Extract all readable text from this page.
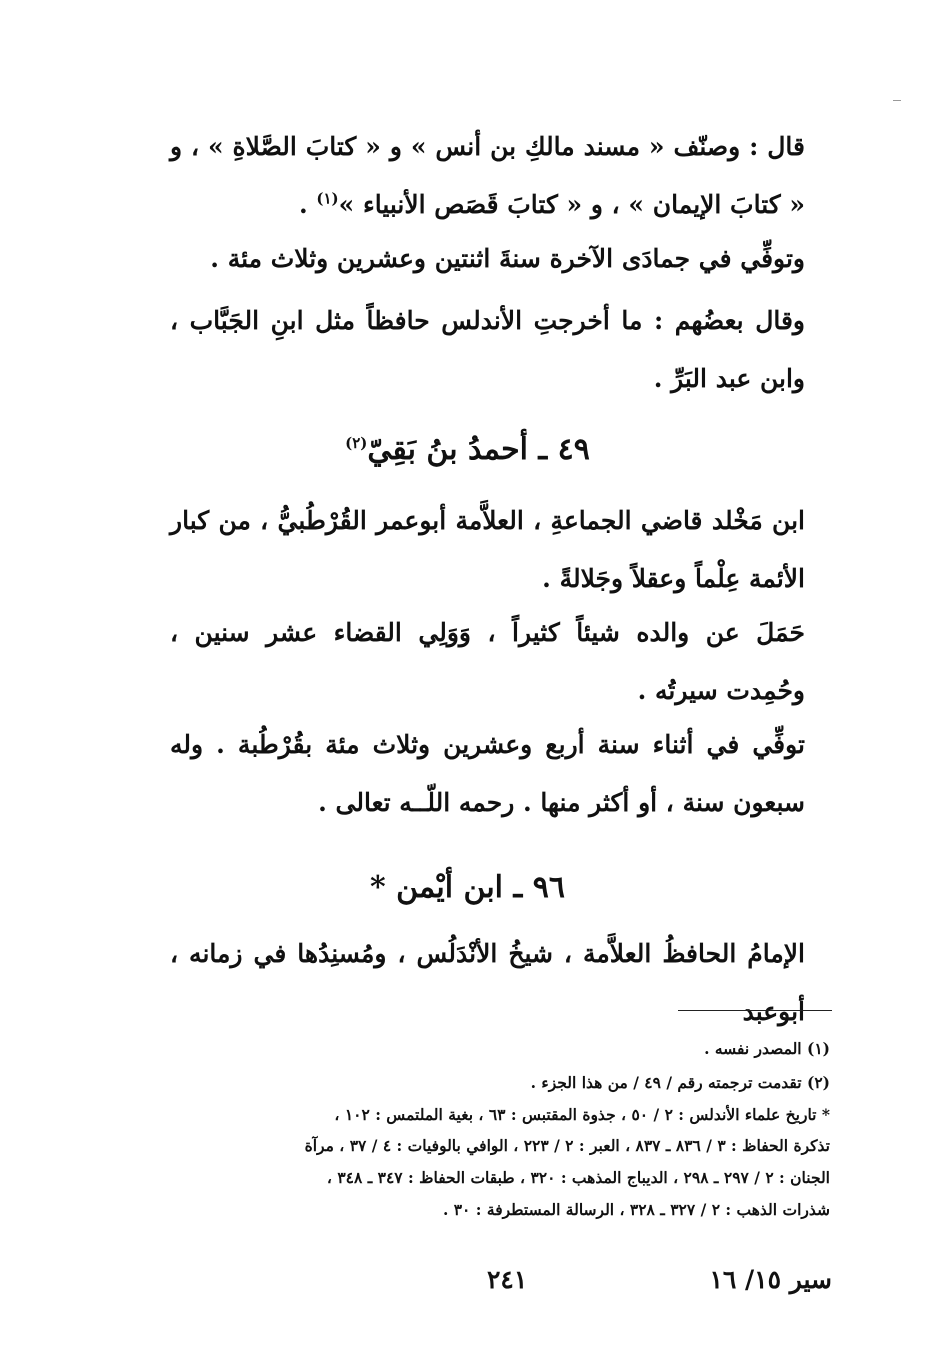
قال : وصنّف « مسند مالكِ بن أنس » و « كتابَ الصَّلاةِ » ، و « كتابَ الإيمان » ، و « كتابَ قَصَص الأنبياء »$^{(١)}$ .
وتوفِّي في جمادَى الآخرة سنةَ اثنتين وعشرين وثلاث مئة .
وقال بعضُهم : ما أخرجتِ الأندلس حافظاً مثل ابنِ الجَبَّاب ، وابن عبد البَرِّ .
٤٩ ـ أحمدُ بنُ بَقِيّ$^{(٢)}$
ابن مَخْلد قاضي الجماعةِ ، العلاَّمة أبوعمر القُرْطُبيُّ ، من كبار الأئمة عِلْماً وعقلاً وجَلالةً .
حَمَلَ عن والده شيئاً كثيراً ، وَوَلِي القضاء عشر سنين ، وحُمِدت سيرتُه .
توفِّي في أثناء سنة أربع وعشرين وثلاث مئة بقُرْطُبة . وله سبعون سنة ، أو أكثر منها . رحمه اللّــه تعالى .
٩٦ ـ ابن أيْمن *
الإمامُ الحافظُ العلاَّمة ، شيخُ الأنْدَلُس ، ومُسنِدُها في زمانه ، أبوعبد
(١) المصدر نفسه .
(٢) تقدمت ترجمته رقم / ٤٩ / من هذا الجزء .
* تاريخ علماء الأندلس : ٢ / ٥٠ ، جذوة المقتبس : ٦٣ ، بغية الملتمس : ١٠٢ ،
تذكرة الحفاظ : ٣ / ٨٣٦ ـ ٨٣٧ ، العبر : ٢ / ٢٢٣ ، الوافي بالوفيات : ٤ / ٣٧ ، مرآة
الجنان : ٢ / ٢٩٧ ـ ٢٩٨ ، الديباج المذهب : ٣٢٠ ، طبقات الحفاظ : ٣٤٧ ـ ٣٤٨ ،
شذرات الذهب : ٢ / ٣٢٧ ـ ٣٢٨ ، الرسالة المستطرفة : ٣٠ .
سير ١٥/ ١٦
٢٤١
